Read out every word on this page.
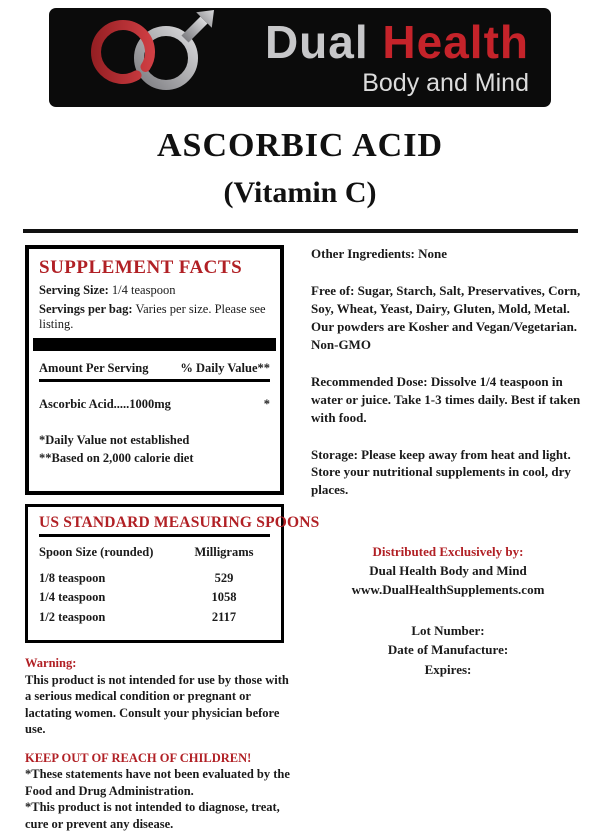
Dual Health
Body and Mind
ASCORBIC ACID
(Vitamin C)
SUPPLEMENT FACTS
Serving Size: 1/4 teaspoon
Servings per bag: Varies per size. Please see listing.
Amount Per Serving	% Daily Value**
Ascorbic Acid.....1000mg	*
*Daily Value not established
**Based on 2,000 calorie diet
US STANDARD MEASURING SPOONS
Spoon Size (rounded)	Milligrams
1/8 teaspoon	529
1/4 teaspoon	1058
1/2 teaspoon	2117
Warning:
This product is not intended for use by those with a serious medical condition or pregnant or lactating women. Consult your physician before use.
KEEP OUT OF REACH OF CHILDREN!
*These statements have not been evaluated by the Food and Drug Administration.
*This product is not intended to diagnose, treat, cure or prevent any disease.

Other Ingredients: None

Free of: Sugar, Starch, Salt, Preservatives, Corn, Soy, Wheat, Yeast, Dairy, Gluten, Mold, Metal. Our powders are Kosher and Vegan/Vegetarian. Non-GMO

Recommended Dose: Dissolve 1/4 teaspoon in water or juice. Take 1-3 times daily. Best if taken with food.

Storage: Please keep away from heat and light. Store your nutritional supplements in cool, dry places.

Distributed Exclusively by:
Dual Health Body and Mind
www.DualHealthSupplements.com
Lot Number:
Date of Manufacture:
Expires:
